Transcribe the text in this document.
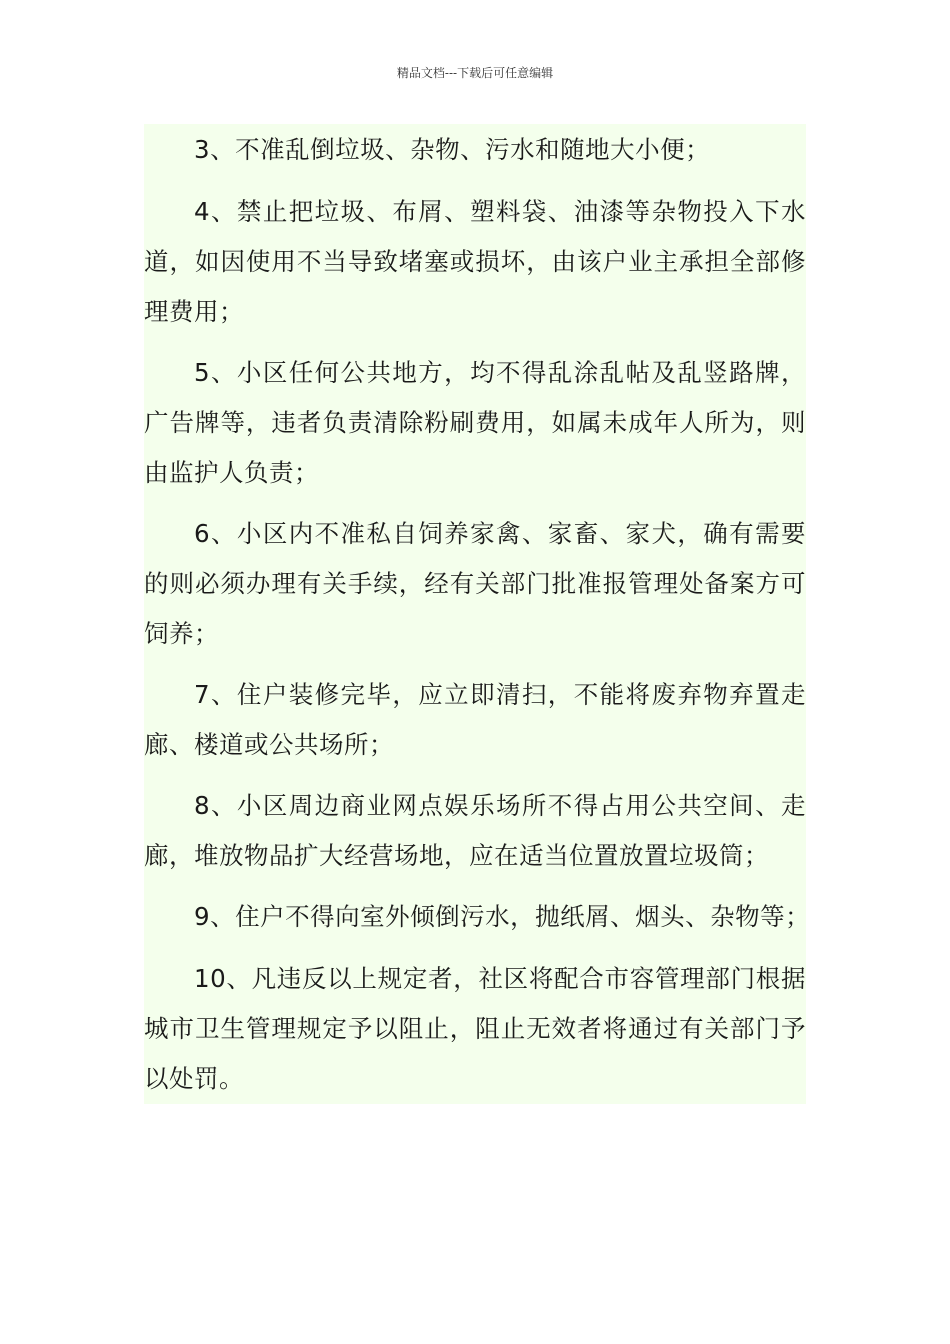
精品文档---下载后可任意编辑

3、不准乱倒垃圾、杂物、污水和随地大小便；

4、禁止把垃圾、布屑、塑料袋、油漆等杂物投入下水道，如因使用不当导致堵塞或损坏，由该户业主承担全部修理费用；

5、小区任何公共地方，均不得乱涂乱帖及乱竖路牌，广告牌等，违者负责清除粉刷费用，如属未成年人所为，则由监护人负责；

6、小区内不准私自饲养家禽、家畜、家犬，确有需要的则必须办理有关手续，经有关部门批准报管理处备案方可饲养；

7、住户装修完毕，应立即清扫，不能将废弃物弃置走廊、楼道或公共场所；

8、小区周边商业网点娱乐场所不得占用公共空间、走廊，堆放物品扩大经营场地，应在适当位置放置垃圾筒；

9、住户不得向室外倾倒污水，抛纸屑、烟头、杂物等；

10、凡违反以上规定者，社区将配合市容管理部门根据城市卫生管理规定予以阻止，阻止无效者将通过有关部门予以处罚。
